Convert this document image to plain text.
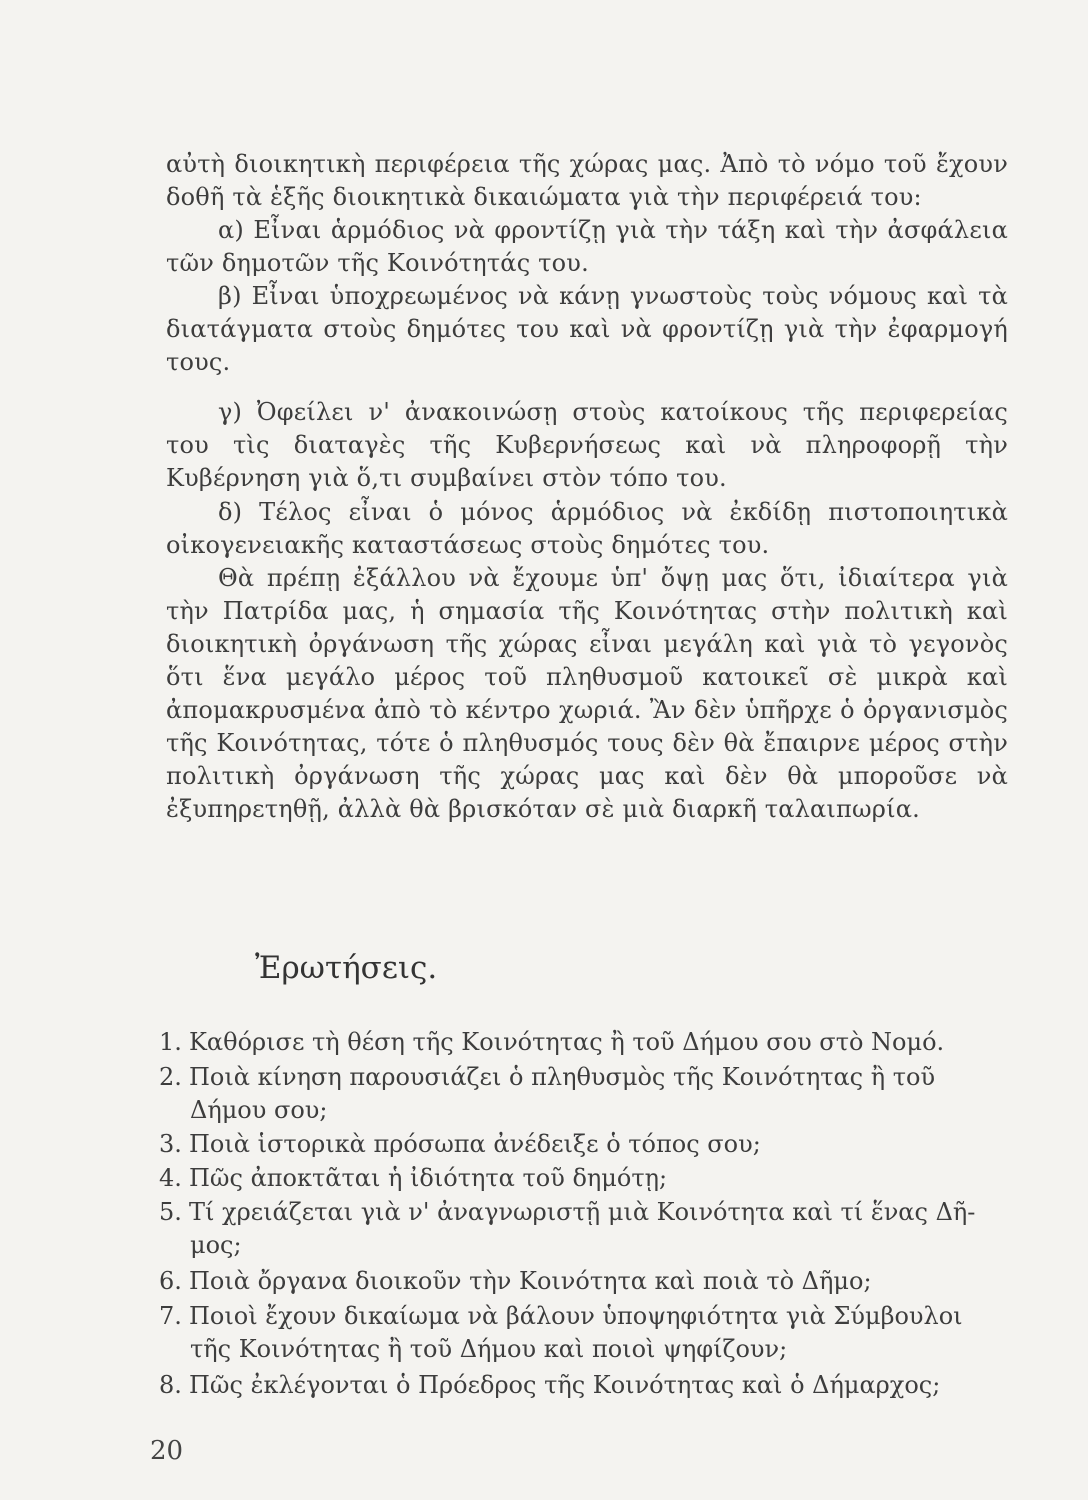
αὐτὴ διοικητικὴ περιφέρεια τῆς χώρας μας. Ἀπὸ τὸ νόμο τοῦ ἔχουν δοθῆ τὰ ἑξῆς διοικητικὰ δικαιώματα γιὰ τὴν περιφέρειά του:

α) Εἶναι ἁρμόδιος νὰ φροντίζῃ γιὰ τὴν τάξη καὶ τὴν ἀσφάλεια τῶν δημοτῶν τῆς Κοινότητάς του.

β) Εἶναι ὑποχρεωμένος νὰ κάνῃ γνωστοὺς τοὺς νόμους καὶ τὰ διατάγματα στοὺς δημότες του καὶ νὰ φροντίζῃ γιὰ τὴν ἐφαρμογή τους.

γ) Ὀφείλει ν' ἀνακοινώσῃ στοὺς κατοίκους τῆς περιφερείας του τὶς διαταγὲς τῆς Κυβερνήσεως καὶ νὰ πληροφορῇ τὴν Κυβέρνηση γιὰ ὅ,τι συμβαίνει στὸν τόπο του.

δ) Τέλος εἶναι ὁ μόνος ἁρμόδιος νὰ ἐκδίδῃ πιστοποιητικὰ οἰκογενειακῆς καταστάσεως στοὺς δημότες του.

Θὰ πρέπῃ ἐξάλλου νὰ ἔχουμε ὑπ' ὄψῃ μας ὅτι, ἰδιαίτερα γιὰ τὴν Πατρίδα μας, ἡ σημασία τῆς Κοινότητας στὴν πολιτικὴ καὶ διοικητικὴ ὀργάνωση τῆς χώρας εἶναι μεγάλη καὶ γιὰ τὸ γεγονὸς ὅτι ἕνα μεγάλο μέρος τοῦ πληθυσμοῦ κατοικεῖ σὲ μικρὰ καὶ ἀπομακρυσμένα ἀπὸ τὸ κέντρο χωριά. Ἂν δὲν ὑπῆρχε ὁ ὀργανισμὸς τῆς Κοινότητας, τότε ὁ πληθυσμός τους δὲν θὰ ἔπαιρνε μέρος στὴν πολιτικὴ ὀργάνωση τῆς χώρας μας καὶ δὲν θὰ μποροῦσε νὰ ἐξυπηρετηθῇ, ἀλλὰ θὰ βρισκόταν σὲ μιὰ διαρκῆ ταλαιπωρία.

Ἐρωτήσεις.
1. Καθόρισε τὴ θέση τῆς Κοινότητας ἢ τοῦ Δήμου σου στὸ Νομό.
2. Ποιὰ κίνηση παρουσιάζει ὁ πληθυσμὸς τῆς Κοινότητας ἢ τοῦ
Δήμου σου;
3. Ποιὰ ἱστορικὰ πρόσωπα ἀνέδειξε ὁ τόπος σου;
4. Πῶς ἀποκτᾶται ἡ ἰδιότητα τοῦ δημότῃ;
5. Τί χρειάζεται γιὰ ν' ἀναγνωριστῇ μιὰ Κοινότητα καὶ τί ἕνας Δῆ-
μος;
6. Ποιὰ ὄργανα διοικοῦν τὴν Κοινότητα καὶ ποιὰ τὸ Δῆμο;
7. Ποιοὶ ἔχουν δικαίωμα νὰ βάλουν ὑποψηφιότητα γιὰ Σύμβουλοι
τῆς Κοινότητας ἢ τοῦ Δήμου καὶ ποιοὶ ψηφίζουν;
8. Πῶς ἐκλέγονται ὁ Πρόεδρος τῆς Κοινότητας καὶ ὁ Δήμαρχος;

20
